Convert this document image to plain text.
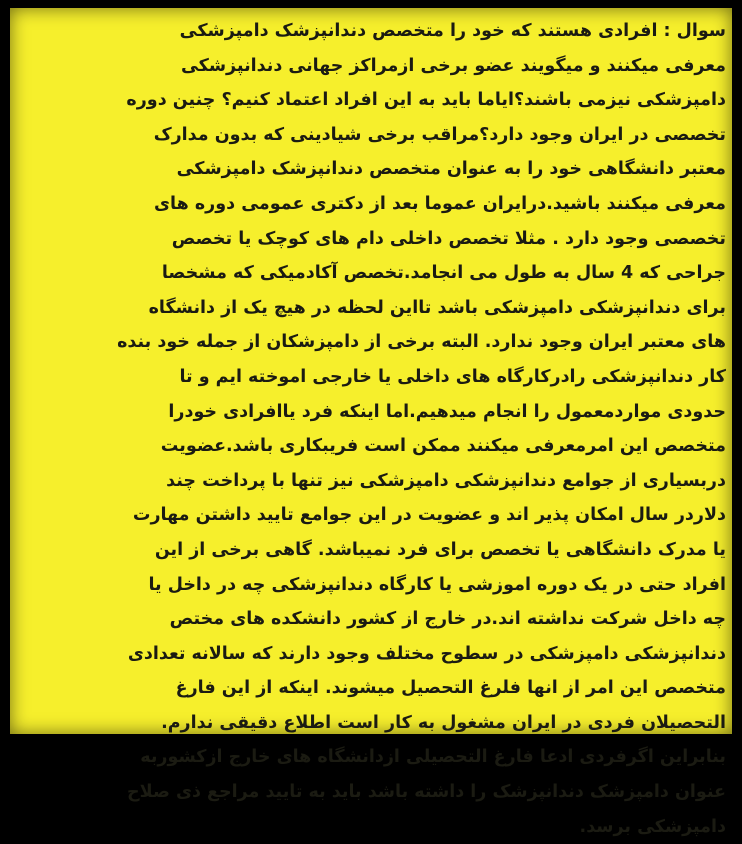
سوال : افرادی هستند که خود را متخصص دندانپزشک دامپزشکی
معرفی میکنند و میگویند عضو برخی ازمراکز جهانی دندانپزشکی
دامپزشکی نیزمی باشند؟ایاما باید به این افراد اعتماد کنیم؟ چنین دوره
تخصصی در ایران وجود دارد؟مراقب برخی شیادینی که بدون مدارک
معتبر دانشگاهی خود را به عنوان متخصص دندانپزشک دامپزشکی
معرفی میکنند باشید.درایران عموما بعد از دکتری عمومی دوره های
تخصصی وجود دارد . مثلا تخصص داخلی دام های کوچک یا تخصص
جراحی که 4 سال به طول می انجامد.تخصص آکادمیکی که مشخصا
برای دندانپزشکی دامپزشکی باشد تااین لحظه در هیچ یک از دانشگاه
های معتبر ایران وجود ندارد. البته برخی از دامپزشکان از جمله خود بنده
کار دندانپزشکی رادرکارگاه های داخلی یا خارجی اموخته ایم و تا
حدودی مواردمعمول را انجام میدهیم.اما اینکه فرد یاافرادی خودرا
متخصص این امرمعرفی میکنند ممکن است فریبکاری باشد.عضویت
دربسیاری از جوامع دندانپزشکی دامپزشکی نیز تنها با پرداخت چند
دلاردر سال امکان پذیر اند و عضویت در این جوامع تایید داشتن مهارت
یا مدرک دانشگاهی یا تخصص برای فرد نمیباشد. گاهی برخی از این
افراد حتی در یک دوره اموزشی یا کارگاه دندانپزشکی چه در داخل یا
چه داخل شرکت نداشته اند.در خارج از کشور دانشکده های مختص
دندانپزشکی دامپزشکی در سطوح مختلف وجود دارند که سالانه تعدادی
متخصص این امر از انها فلرغ التحصیل میشوند. اینکه از این فارغ
التحصیلان فردی در ایران مشغول به کار است اطلاع دقیقی ندارم.
بنابراین اگرفردی ادعا فارغ التحصیلی ازدانشگاه های خارج ازکشوربه
عنوان دامپزشک دندانپزشک را داشته باشد باید به تایید مراجع ذی صلاح
دامپزشکی برسد.
